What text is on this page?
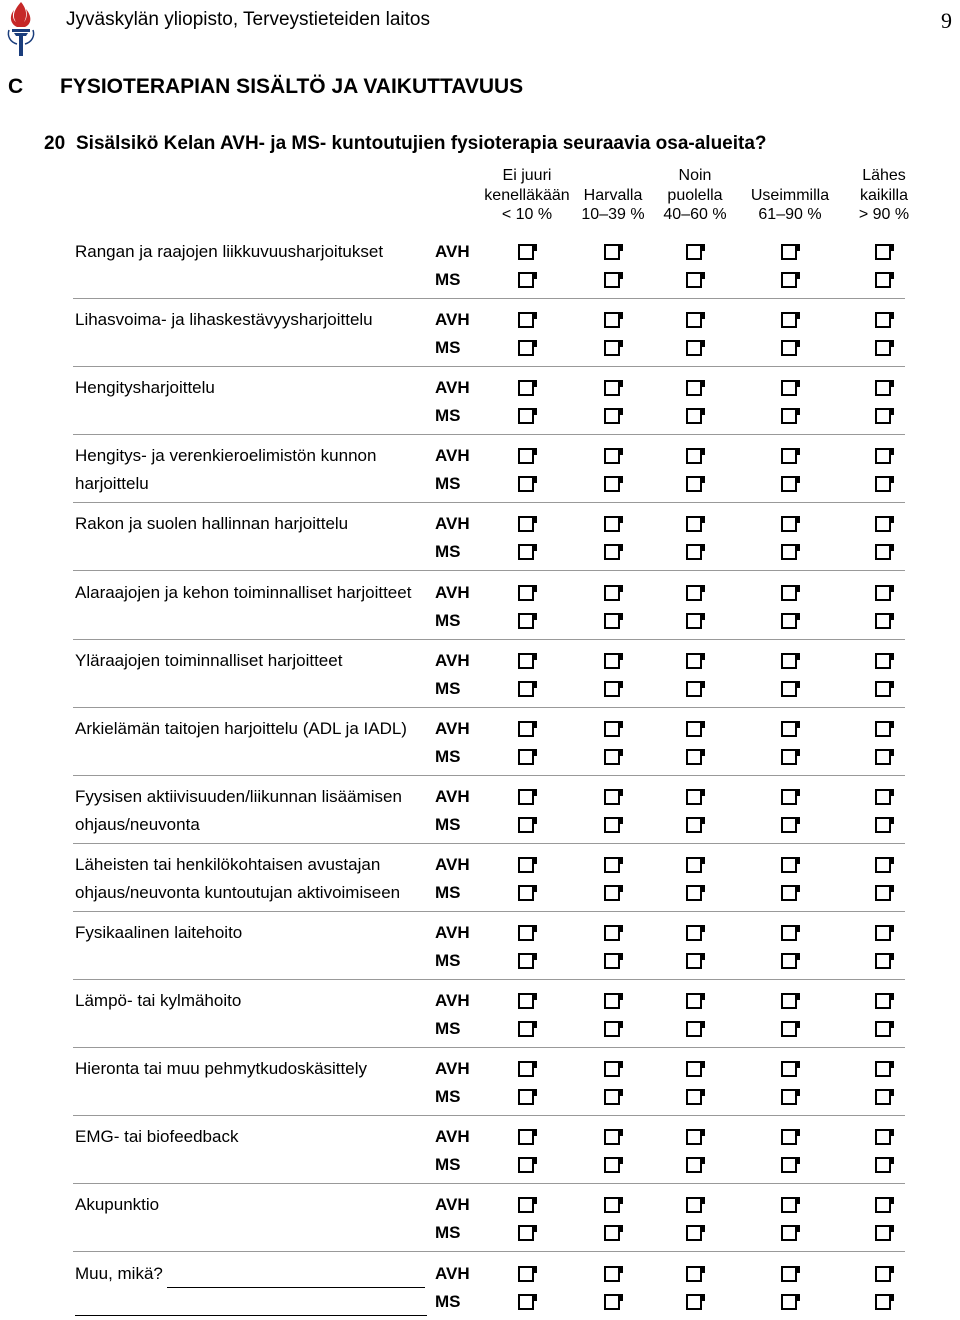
Jyväskylän yliopisto, Terveystieteiden laitos	9
C FYSIOTERAPIAN SISÄLTÖ JA VAIKUTTAVUUS
20 Sisälsikö Kelan AVH- ja MS- kuntoutujien fysioterapia seuraavia osa-alueita?
Ei juuri
kenelläkään
< 10 %

Harvalla
10–39 %
Noin
puolella
40–60 %

Useimmilla
61–90 %
Lähes
kaikilla
> 90 %
Rangan ja raajojen liikkuvuusharjoitukset	AVH
MS
Lihasvoima- ja lihaskestävyysharjoittelu	AVH
MS
Hengitysharjoittelu	AVH
MS
Hengitys- ja verenkieroelimistön kunnon
harjoittelu
AVH
MS
Rakon ja suolen hallinnan harjoittelu	AVH
MS
Alaraajojen ja kehon toiminnalliset harjoitteet AVH
MS
Yläraajojen toiminnalliset harjoitteet	AVH
MS
Arkielämän taitojen harjoittelu (ADL ja IADL) AVH
MS
Fyysisen aktiivisuuden/liikunnan lisäämisen
ohjaus/neuvonta
AVH
MS
Läheisten tai henkilökohtaisen avustajan
ohjaus/neuvonta kuntoutujan aktivoimiseen
AVH
MS
Fysikaalinen laitehoito	AVH
MS
Lämpö- tai kylmähoito	AVH
MS
Hieronta tai muu pehmytkudoskäsittely	AVH
MS
EMG- tai biofeedback	AVH
MS
Akupunktio	AVH
MS
Muu, mikä?	AVH
MS
